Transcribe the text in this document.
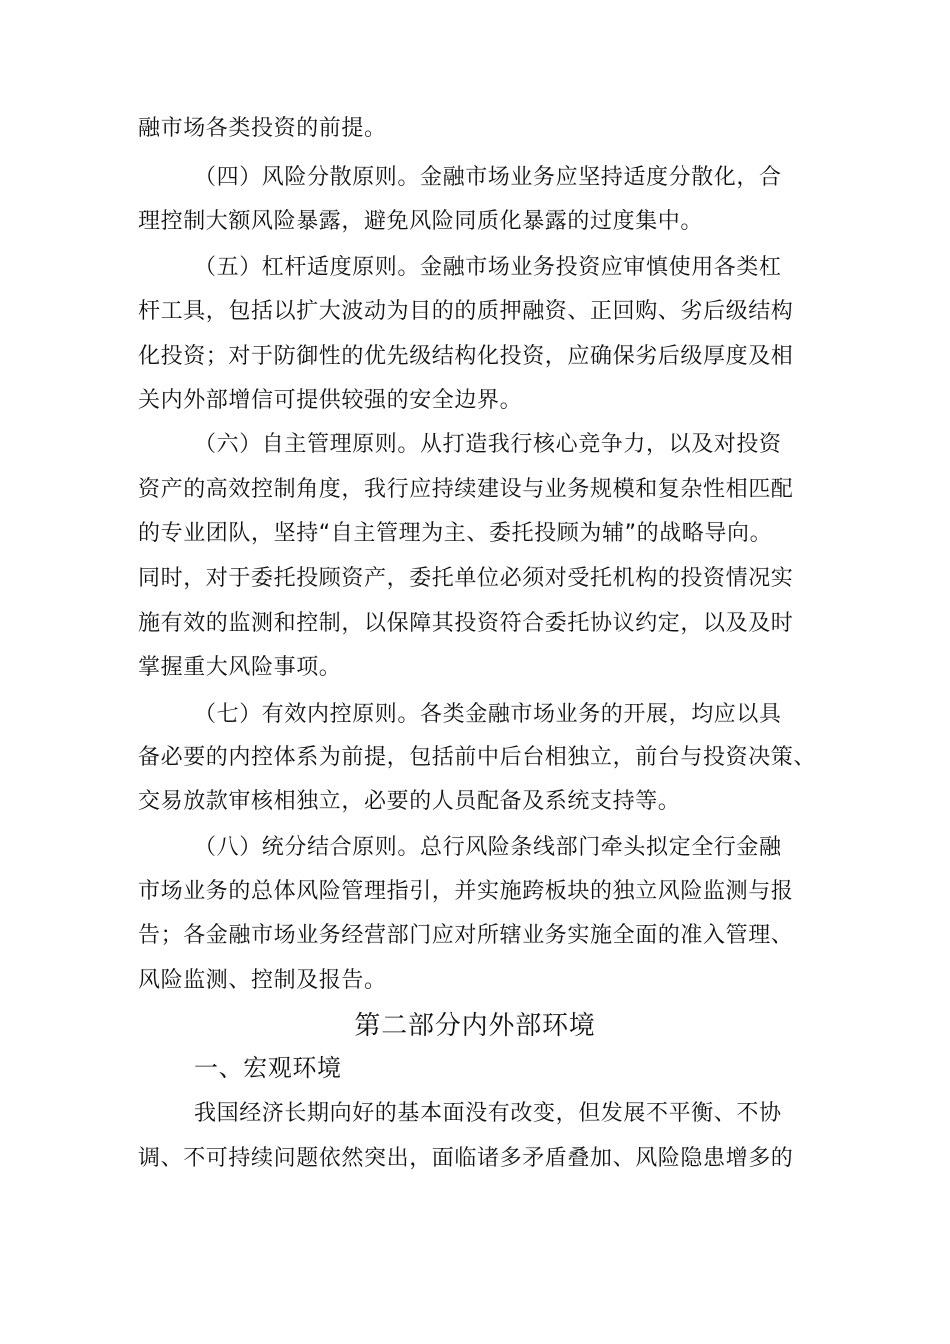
融市场各类投资的前提。
（四）风险分散原则。金融市场业务应坚持适度分散化，合
理控制大额风险暴露，避免风险同质化暴露的过度集中。
（五）杠杆适度原则。金融市场业务投资应审慎使用各类杠
杆工具，包括以扩大波动为目的的质押融资、正回购、劣后级结构
化投资；对于防御性的优先级结构化投资，应确保劣后级厚度及相
关内外部增信可提供较强的安全边界。
（六）自主管理原则。从打造我行核心竞争力，以及对投资
资产的高效控制角度，我行应持续建设与业务规模和复杂性相匹配
的专业团队，坚持“自主管理为主、委托投顾为辅”的战略导向。
同时，对于委托投顾资产，委托单位必须对受托机构的投资情况实
施有效的监测和控制，以保障其投资符合委托协议约定，以及及时
掌握重大风险事项。
（七）有效内控原则。各类金融市场业务的开展，均应以具
备必要的内控体系为前提，包括前中后台相独立，前台与投资决策、
交易放款审核相独立，必要的人员配备及系统支持等。
（八）统分结合原则。总行风险条线部门牵头拟定全行金融
市场业务的总体风险管理指引，并实施跨板块的独立风险监测与报
告；各金融市场业务经营部门应对所辖业务实施全面的准入管理、
风险监测、控制及报告。
第二部分内外部环境
一、宏观环境
我国经济长期向好的基本面没有改变，但发展不平衡、不协
调、不可持续问题依然突出，面临诸多矛盾叠加、风险隐患增多的
